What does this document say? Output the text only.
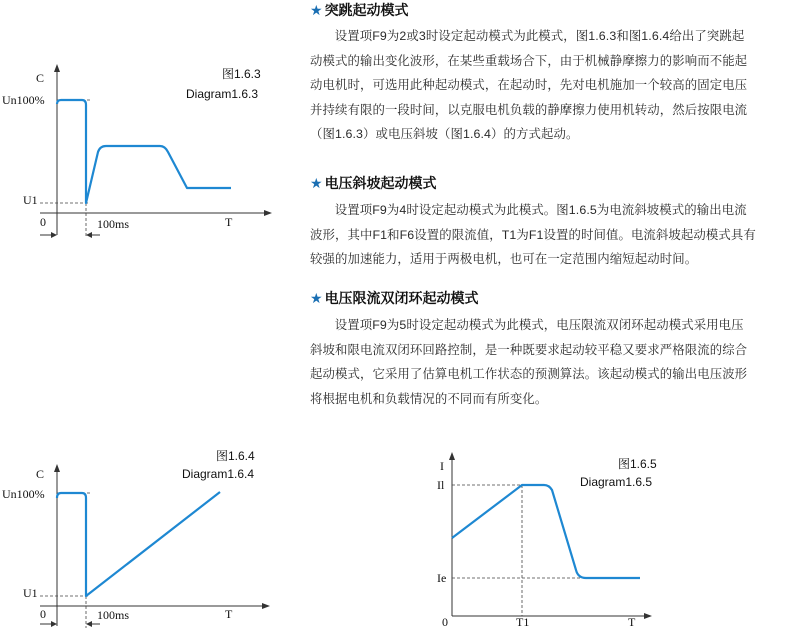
★ 突跳起动模式
设置项F9为2或3时设定起动模式为此模式，图1.6.3和图1.6.4给出了突跳起
动模式的输出变化波形，在某些重载场合下，由于机械静摩擦力的影响而不能起
动电机时，可选用此种起动模式，在起动时，先对电机施加一个较高的固定电压
并持续有限的一段时间，以克服电机负载的静摩擦力使用机转动，然后按限电流
（图1.6.3）或电压斜坡（图1.6.4）的方式起动。
★ 电压斜坡起动模式
设置项F9为4时设定起动模式为此模式。图1.6.5为电流斜坡模式的输出电流
波形，其中F1和F6设置的限流值，T1为F1设置的时间值。电流斜坡起动模式具有
较强的加速能力，适用于两极电机，也可在一定范围内缩短起动时间。
★ 电压限流双闭环起动模式
设置项F9为5时设定起动模式为此模式，电压限流双闭环起动模式采用电压
斜坡和限电流双闭环回路控制，是一种既要求起动较平稳又要求严格限流的综合
起动模式，它采用了估算电机工作状态的预测算法。该起动模式的输出电压波形
将根据电机和负载情况的不同而有所变化。
图1.6.3
Diagram1.6.3
C
Un100%
U1
0	100ms	T
图1.6.4
Diagram1.6.4
C
Un100%
U1
0	100ms	T
图1.6.5
Diagram1.6.5
I
Il
Ie
0	T1	T
